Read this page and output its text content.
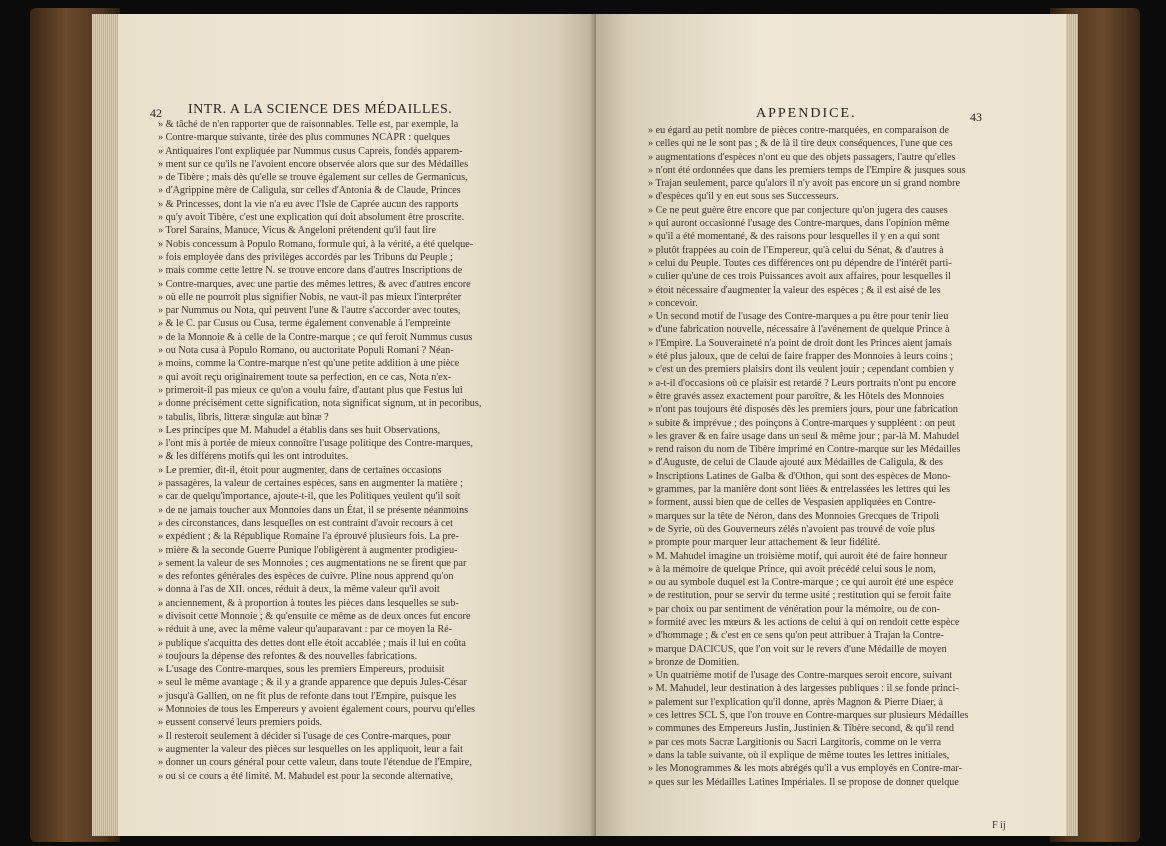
42 INTR. A LA SCIENCE DES MÉDAILLES.
» & tâché de n'en rapporter que de raisonnables. Telle est, par exemple, la
» Contre-marque suivante, tirée des plus communes NCAPR : quelques
» Antiquaires l'ont expliquée par Nummus cusus Capreis, fondés apparem-
» ment sur ce qu'ils ne l'avoient encore observée alors que sur des Médailles
» de Tibère ; mais dès qu'elle se trouve également sur celles de Germanicus,
» d'Agrippine mère de Caligula, sur celles d'Antonia & de Claude, Princes
» & Princesses, dont la vie n'a eu avec l'Isle de Caprée aucun des rapports
» qu'y avoit Tibère, c'est une explication qui doit absolument être proscrite.
» Torel Sarains, Manuce, Vicus & Angeloni prétendent qu'il faut lire
» Nobis concessum à Populo Romano, formule qui, à la vérité, a été quelque-
» fois employée dans des privilèges accordés par les Tribuns du Peuple ;
» mais comme cette lettre N. se trouve encore dans d'autres Inscriptions de
» Contre-marques, avec une partie des mêmes lettres, & avec d'autres encore
» où elle ne pourroit plus signifier Nobis, ne vaut-il pas mieux l'interpréter
» par Nummus ou Nota, qui peuvent l'une & l'autre s'accorder avec toutes,
» & le C. par Cusus ou Cusa, terme également convenable à l'empreinte
» de la Monnoie & à celle de la Contre-marque ; ce qui feroit Nummus cusus
» ou Nota cusa à Populo Romano, ou auctoritate Populi Romani ? Néan-
» moins, comme la Contre-marque n'est qu'une petite addition à une pièce
» qui avoit reçu originairement toute sa perfection, en ce cas, Nota n'ex-
» primeroit-il pas mieux ce qu'on a voulu faire, d'autant plus que Festus lui
» donne précisément cette signification, nota significat signum, ut in pecoribus,
» tabulis, libris, litteræ singulæ aut binæ ?
» Les principes que M. Mahudel a établis dans ses huit Observations,
» l'ont mis à portée de mieux connoître l'usage politique des Contre-marques,
» & les différens motifs qui les ont introduites.
» Le premier, dit-il, étoit pour augmenter, dans de certaines occasions
» passagères, la valeur de certaines espèces, sans en augmenter la matière ;
» car de quelqu'importance, ajoute-t-il, que les Politiques veulent qu'il soit
» de ne jamais toucher aux Monnoies dans un État, il se présente néanmoins
» des circonstances, dans lesquelles on est contraint d'avoir recours à cet
» expédient ; & la République Romaine l'a éprouvé plusieurs fois. La pre-
» mière & la seconde Guerre Punique l'obligèrent à augmenter prodigieu-
» sement la valeur de ses Monnoies ; ces augmentations ne se firent que par
» des refontes générales des espèces de cuivre. Pline nous apprend qu'on
» donna à l'as de XII. onces, réduit à deux, la même valeur qu'il avoit
» anciennement, & à proportion à toutes les pièces dans lesquelles se sub-
» divisoit cette Monnoie ; & qu'ensuite ce même as de deux onces fut encore
» réduit à une, avec la même valeur qu'auparavant : par ce moyen la Ré-
» publique s'acquitta des dettes dont elle étoit accablée ; mais il lui en coûta
» toujours la dépense des refontes & des nouvelles fabrications.
» L'usage des Contre-marques, sous les premiers Empereurs, produisit
» seul le même avantage ; & il y a grande apparence que depuis Jules-César
» jusqu'à Gallien, on ne fit plus de refonte dans tout l'Empire, puisque les
» Monnoies de tous les Empereurs y avoient également cours, pourvu qu'elles
» eussent conservé leurs premiers poids.
» Il resteroit seulement à décider si l'usage de ces Contre-marques, pour
» augmenter la valeur des pièces sur lesquelles on les appliquoit, leur a fait
» donner un cours général pour cette valeur, dans toute l'étendue de l'Empire,
» ou si ce cours a été limité. M. Mahudel est pour la seconde alternative,
APPENDICE.	43
» eu égard au petit nombre de pièces contre-marquées, en comparaison de
» celles qui ne le sont pas ; & de là il tire deux conséquences, l'une que ces
» augmentations d'espèces n'ont eu que des objets passagers, l'autre qu'elles
» n'ont été ordonnées que dans les premiers temps de l'Empire & jusques sous
» Trajan seulement, parce qu'alors il n'y avoit pas encore un si grand nombre
» d'espèces qu'il y en eut sous ses Successeurs.
» Ce ne peut guère être encore que par conjecture qu'on jugera des causes
» qui auront occasionné l'usage des Contre-marques, dans l'opinion même
» qu'il a été momentané, & des raisons pour lesquelles il y en a qui sont
» plutôt frappées au coin de l'Empereur, qu'à celui du Sénat, & d'autres à
» celui du Peuple. Toutes ces différences ont pu dépendre de l'intérêt parti-
» culier qu'une de ces trois Puissances avoit aux affaires, pour lesquelles il
» étoit nécessaire d'augmenter la valeur des espèces ; & il est aisé de les
» concevoir.
» Un second motif de l'usage des Contre-marques a pu être pour tenir lieu
» d'une fabrication nouvelle, nécessaire à l'avénement de quelque Prince à
» l'Empire. La Souveraineté n'a point de droit dont les Princes aient jamais
» été plus jaloux, que de celui de faire frapper des Monnoies à leurs coins ;
» c'est un des premiers plaisirs dont ils veulent jouir ; cependant combien y
» a-t-il d'occasions où ce plaisir est retardé ? Leurs portraits n'ont pu encore
» être gravés assez exactement pour paroître, & les Hôtels des Monnoies
» n'ont pas toujours été disposés dès les premiers jours, pour une fabrication
» subite & imprévue ; des poinçons à Contre-marques y suppléent : on peut
» les graver & en faire usage dans un seul & même jour ; par-là M. Mahudel
» rend raison du nom de Tibère imprimé en Contre-marque sur les Médailles
» d'Auguste, de celui de Claude ajouté aux Médailles de Caligula, & des
» Inscriptions Latines de Galba & d'Othon, qui sont des espèces de Mono-
» grammes, par la manière dont sont liées & entrelassées les lettres qui les
» forment, aussi bien que de celles de Vespasien appliquées en Contre-
» marques sur la tête de Néron, dans des Monnoies Grecques de Tripoli
» de Syrie, où des Gouverneurs zélés n'avoient pas trouvé de voie plus
» prompte pour marquer leur attachement & leur fidélité.
» M. Mahudel imagine un troisième motif, qui auroit été de faire honneur
» à la mémoire de quelque Prince, qui avoit précédé celui sous le nom,
» ou au symbole duquel est la Contre-marque ; ce qui auroit été une espèce
» de restitution, pour se servir du terme usité ; restitution qui se feroit faite
» par choix ou par sentiment de vénération pour la mémoire, ou de con-
» formité avec les mœurs & les actions de celui à qui on rendoit cette espèce
» d'hommage ; & c'est en ce sens qu'on peut attribuer à Trajan la Contre-
» marque DACICUS, que l'on voit sur le revers d'une Médaille de moyen
» bronze de Domitien.
» Un quatrième motif de l'usage des Contre-marques seroit encore, suivant
» M. Mahudel, leur destination à des largesses publiques : il se fonde princi-
» palement sur l'explication qu'il donne, après Magnon & Pierre Diaer, à
» ces lettres SCL S, que l'on trouve en Contre-marques sur plusieurs Médailles
» communes des Empereurs Justin, Justinien & Tibère second, & qu'il rend
» par ces mots Sacræ Largitionis ou Sacri Largitoris, comme on le verra
» dans la table suivante, où il explique de même toutes les lettres initiales,
» les Monogrammes & les mots abrégés qu'il a vus employés en Contre-mar-
» ques sur les Médailles Latines Impériales. Il se propose de donner quelque
F ij
